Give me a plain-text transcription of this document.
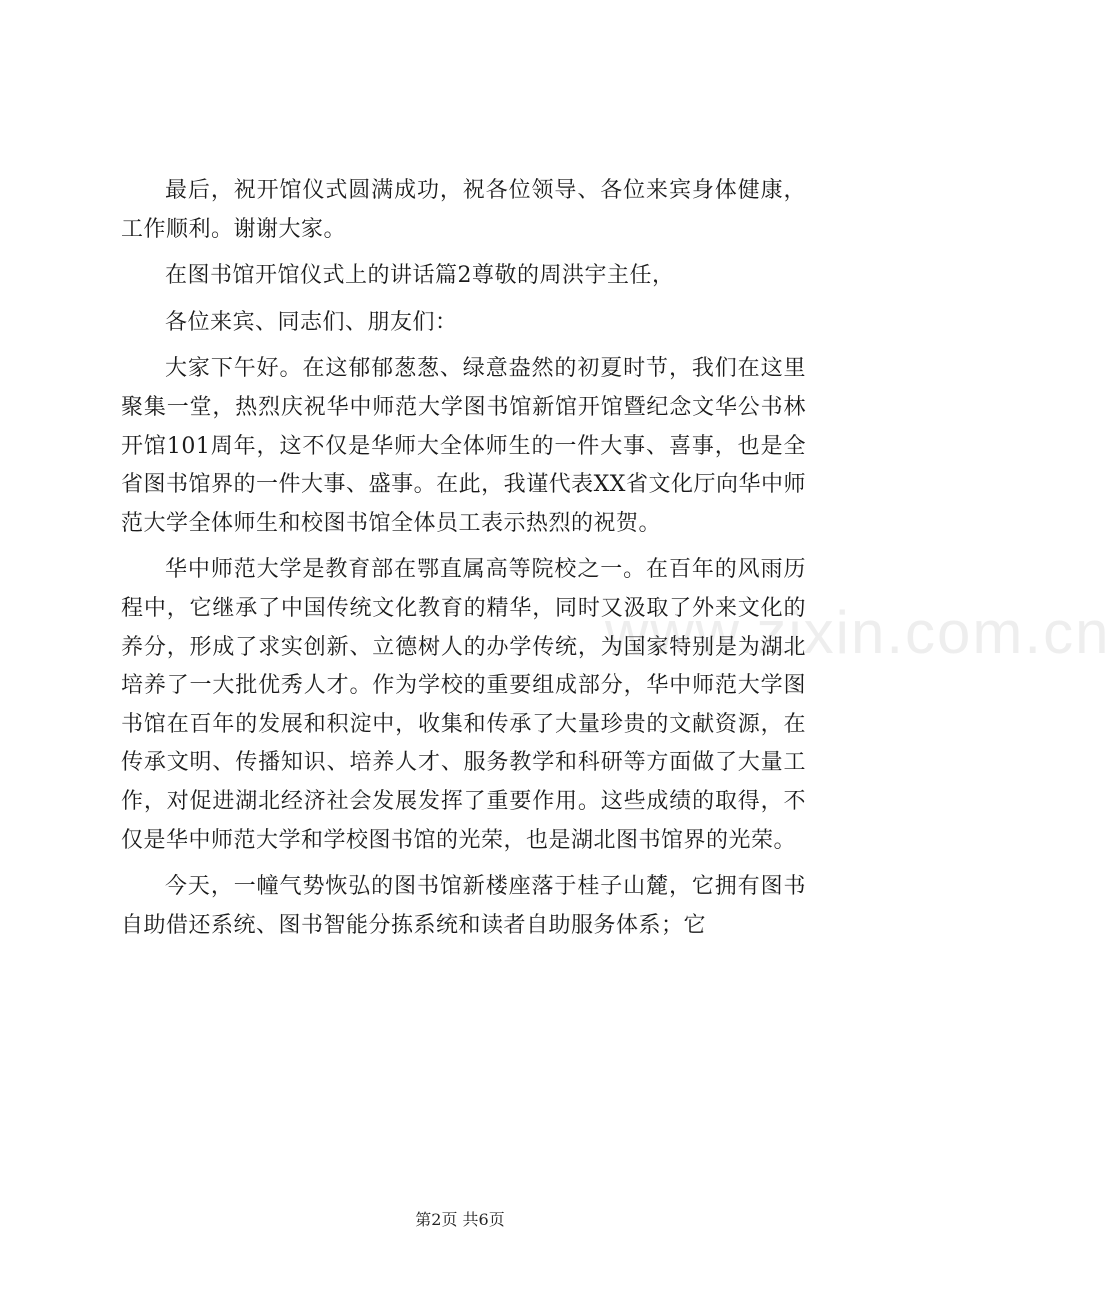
www.zixin.com.cn

最后，祝开馆仪式圆满成功，祝各位领导、各位来宾身体健康，工作顺利。谢谢大家。

在图书馆开馆仪式上的讲话篇2尊敬的周洪宇主任，

各位来宾、同志们、朋友们：

大家下午好。在这郁郁葱葱、绿意盎然的初夏时节，我们在这里聚集一堂，热烈庆祝华中师范大学图书馆新馆开馆暨纪念文华公书林开馆101周年，这不仅是华师大全体师生的一件大事、喜事，也是全省图书馆界的一件大事、盛事。在此，我谨代表XX省文化厅向华中师范大学全体师生和校图书馆全体员工表示热烈的祝贺。

华中师范大学是教育部在鄂直属高等院校之一。在百年的风雨历程中，它继承了中国传统文化教育的精华，同时又汲取了外来文化的养分，形成了求实创新、立德树人的办学传统，为国家特别是为湖北培养了一大批优秀人才。作为学校的重要组成部分，华中师范大学图书馆在百年的发展和积淀中，收集和传承了大量珍贵的文献资源，在传承文明、传播知识、培养人才、服务教学和科研等方面做了大量工作，对促进湖北经济社会发展发挥了重要作用。这些成绩的取得，不仅是华中师范大学和学校图书馆的光荣，也是湖北图书馆界的光荣。

今天，一幢气势恢弘的图书馆新楼座落于桂子山麓，它拥有图书自助借还系统、图书智能分拣系统和读者自助服务体系；它

第2页 共6页
